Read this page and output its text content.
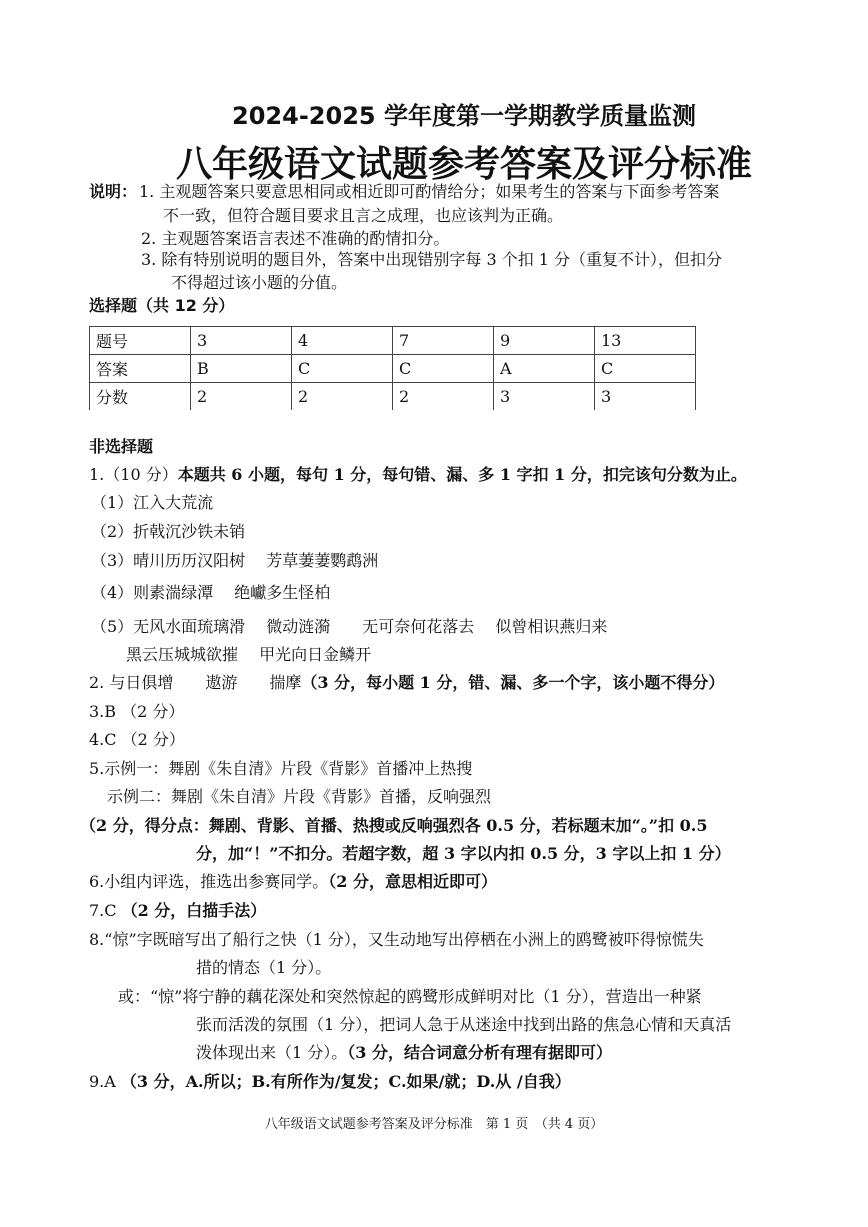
2024-2025 学年度第一学期教学质量监测
八年级语文试题参考答案及评分标准
说明： 1. 主观题答案只要意思相同或相近即可酌情给分；如果考生的答案与下面参考答案
不一致，但符合题目要求且言之成理，也应该判为正确。
2. 主观题答案语言表述不准确的酌情扣分。
3. 除有特别说明的题目外，答案中出现错别字每 3 个扣 1 分（重复不计），但扣分
不得超过该小题的分值。
选择题（共 12 分）
题号	3	4	7	9	13
答案	B	C	C	A	C
分数	2	2	2	3	3
非选择题
1.（10 分）本题共 6 小题，每句 1 分，每句错、漏、多 1 字扣 1 分，扣完该句分数为止。
（1）江入大荒流
（2）折戟沉沙铁未销
（3）晴川历历汉阳树　 芳草萋萋鹦鹉洲
（4）则素湍绿潭　 绝巘多生怪柏
（5）无风水面琉璃滑　 微动涟漪　　无可奈何花落去　 似曾相识燕归来
黑云压城城欲摧　 甲光向日金鳞开
2. 与日俱增　　遨游　　揣摩（3 分，每小题 1 分，错、漏、多一个字，该小题不得分）
3.B （2 分）
4.C （2 分）
5.示例一：舞剧《朱自清》片段《背影》首播冲上热搜
示例二：舞剧《朱自清》片段《背影》首播，反响强烈
（2 分，得分点：舞剧、背影、首播、热搜或反响强烈各 0.5 分，若标题末加“。”扣 0.5
分，加“！”不扣分。若超字数，超 3 字以内扣 0.5 分，3 字以上扣 1 分）
6.小组内评选，推选出参赛同学。（2 分，意思相近即可）
7.C （2 分，白描手法）
8.“惊”字既暗写出了船行之快（1 分），又生动地写出停栖在小洲上的鸥鹭被吓得惊慌失
措的情态（1 分）。
或：“惊”将宁静的藕花深处和突然惊起的鸥鹭形成鲜明对比（1 分），营造出一种紧
张而活泼的氛围（1 分），把词人急于从迷途中找到出路的焦急心情和天真活
泼体现出来（1 分）。（3 分，结合词意分析有理有据即可）
9.A （3 分，A.所以；B.有所作为/复发；C.如果/就；D.从 /自我）
八年级语文试题参考答案及评分标准　第 1 页　（共 4 页）
